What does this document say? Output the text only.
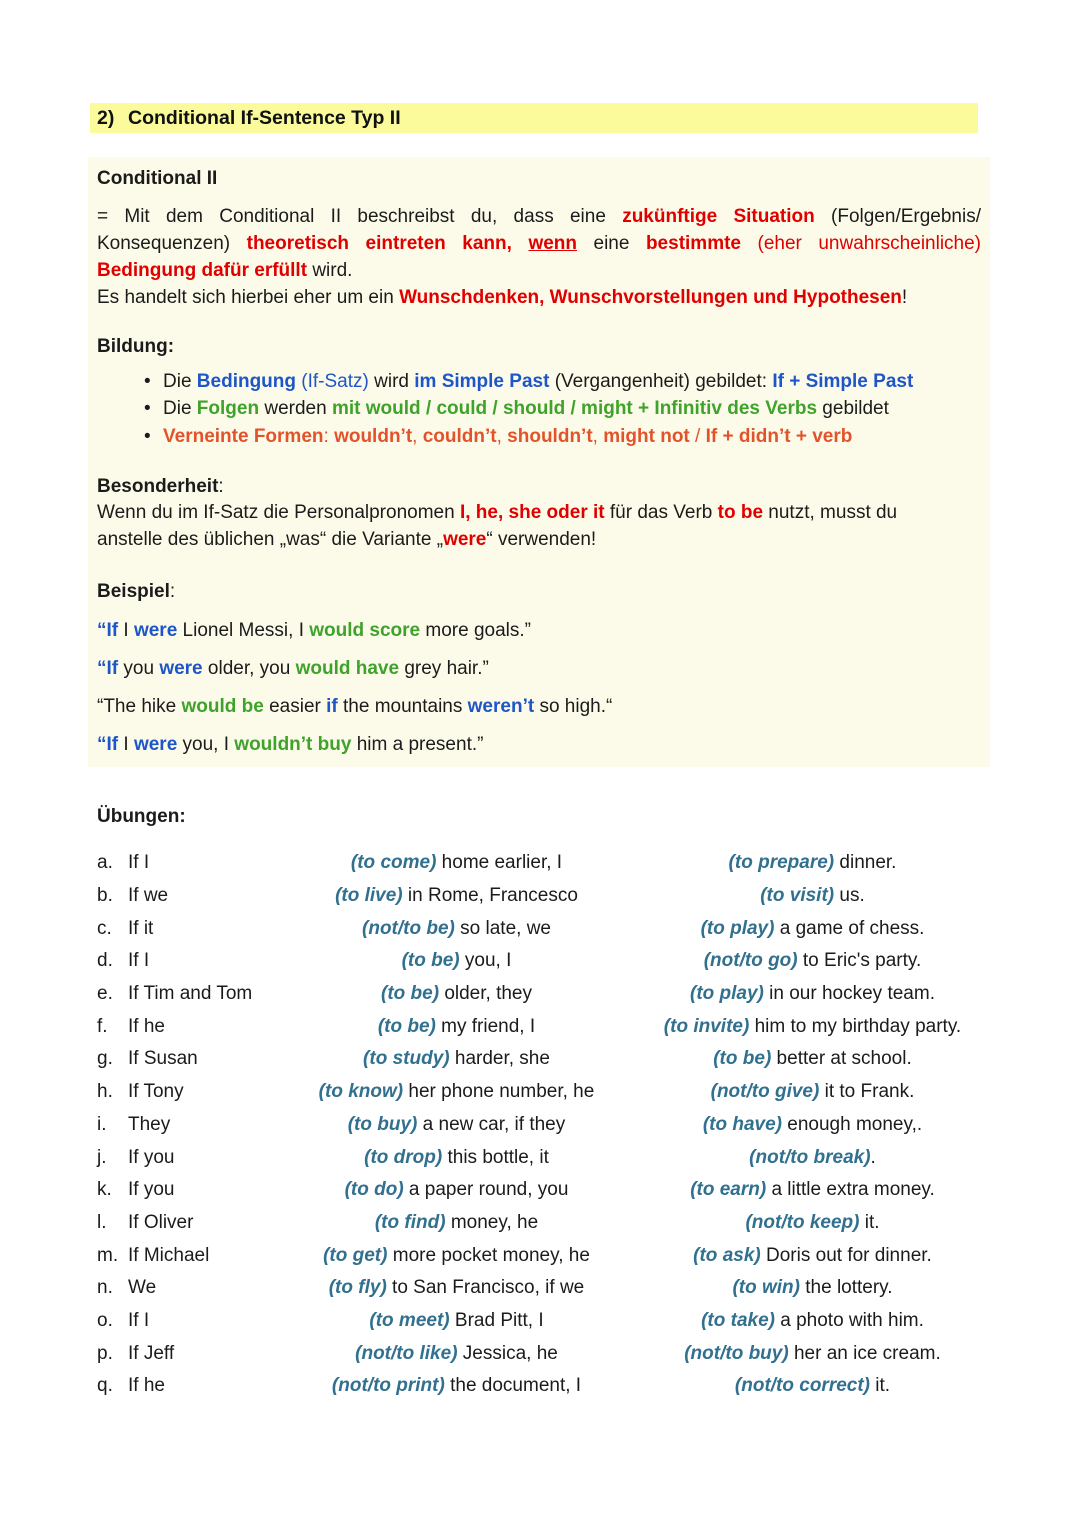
2) Conditional If-Sentence Typ II
Conditional II
= Mit dem Conditional II beschreibst du, dass eine zukünftige Situation (Folgen/Ergebnis/
Konsequenzen) theoretisch eintreten kann, wenn eine bestimmte (eher unwahrscheinliche)
Bedingung dafür erfüllt wird.
Es handelt sich hierbei eher um ein Wunschdenken, Wunschvorstellungen und Hypothesen!
Bildung:
• Die Bedingung (If-Satz) wird im Simple Past (Vergangenheit) gebildet: If + Simple Past
• Die Folgen werden mit would / could / should / might + Infinitiv des Verbs gebildet
• Verneinte Formen: wouldn’t, couldn’t, shouldn’t, might not / If + didn’t + verb
Besonderheit:
Wenn du im If-Satz die Personalpronomen I, he, she oder it für das Verb to be nutzt, musst du
anstelle des üblichen „was“ die Variante „were“ verwenden!
Beispiel:
“If I were Lionel Messi, I would score more goals.”
“If you were older, you would have grey hair.”
“The hike would be easier if the mountains weren’t so high.“
“If I were you, I wouldn’t buy him a present.”
Übungen:
a. If I	(to come) home earlier, I	(to prepare) dinner.
b. If we	(to live) in Rome, Francesco	(to visit) us.
c. If it	(not/to be) so late, we	(to play) a game of chess.
d. If I	(to be) you, I	(not/to go) to Eric's party.
e. If Tim and Tom	(to be) older, they	(to play) in our hockey team.
f.	If he	(to be) my friend, I	(to invite) him to my birthday party.
g. If Susan	(to study) harder, she	(to be) better at school.
h. If Tony	(to know) her phone number, he	(not/to give) it to Frank.
i.	They	(to buy) a new car, if they	(to have) enough money,.
j.	If you	(to drop) this bottle, it	(not/to break).
k. If you	(to do) a paper round, you	(to earn) a little extra money.
l.	If Oliver	(to find) money, he	(not/to keep) it.
m. If Michael	(to get) more pocket money, he	(to ask) Doris out for dinner.
n. We	(to fly) to San Francisco, if we	(to win) the lottery.
o. If I	(to meet) Brad Pitt, I	(to take) a photo with him.
p. If Jeff	(not/to like) Jessica, he	(not/to buy) her an ice cream.
q. If he	(not/to print) the document, I	(not/to correct) it.
